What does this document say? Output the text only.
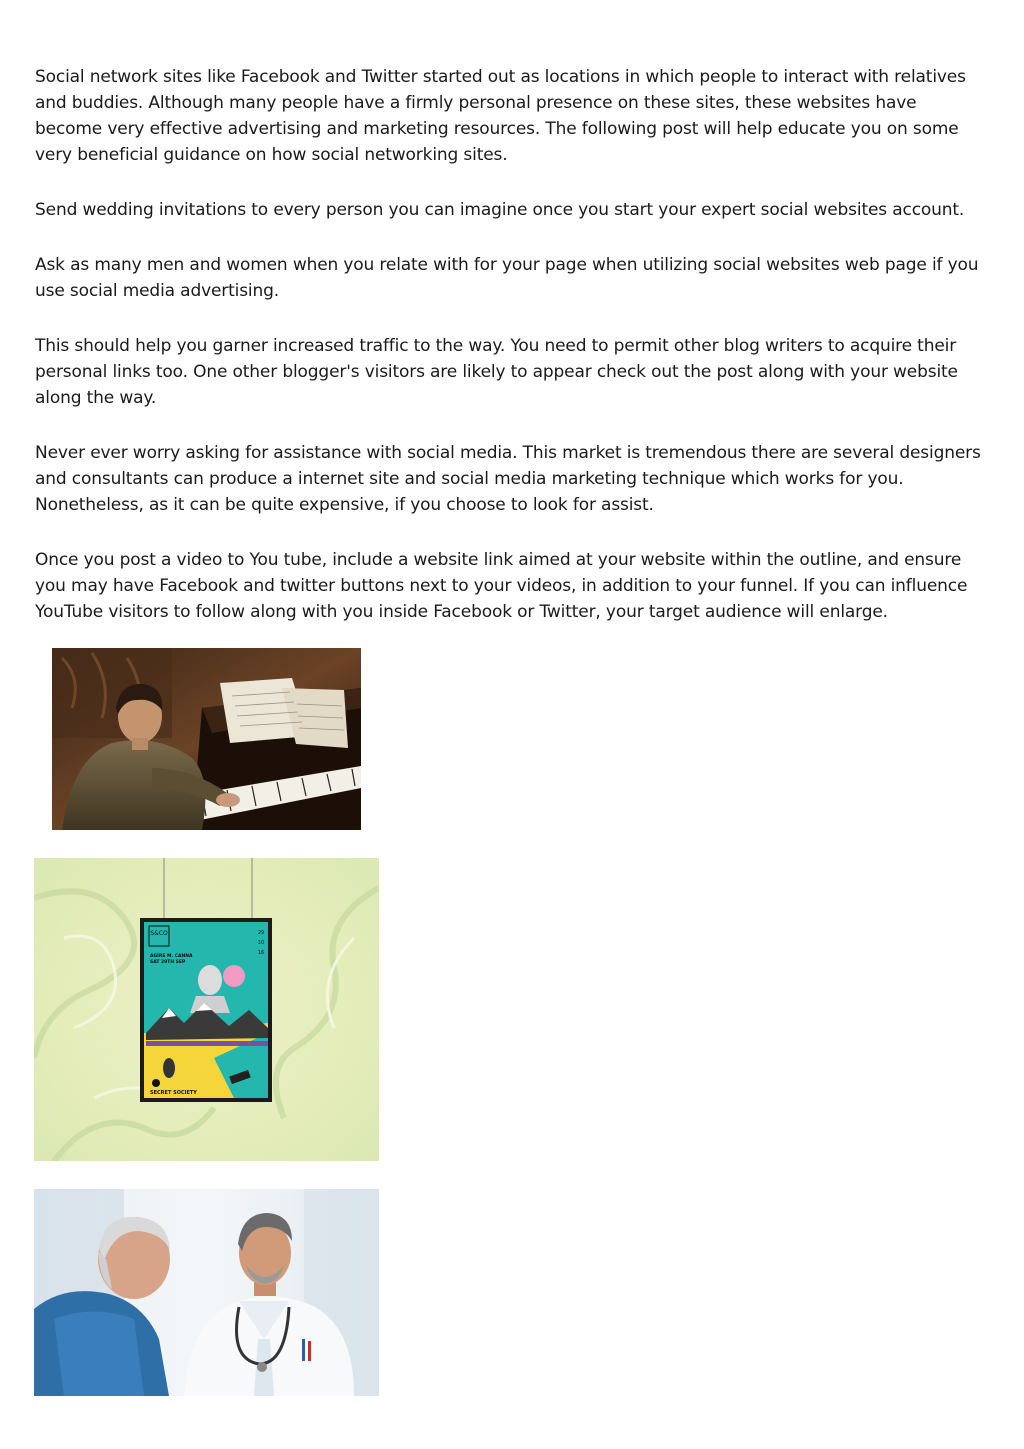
Social network sites like Facebook and Twitter started out as locations in which people to interact with relatives and buddies. Although many people have a firmly personal presence on these sites, these websites have become very effective advertising and marketing resources. The following post will help educate you on some very beneficial guidance on how social networking sites.

Send wedding invitations to every person you can imagine once you start your expert social websites account.

Ask as many men and women when you relate with for your page when utilizing social websites web page if you use social media advertising.

This should help you garner increased traffic to the way. You need to permit other blog writers to acquire their personal links too. One other blogger's visitors are likely to appear check out the post along with your website along the way.

Never ever worry asking for assistance with social media. This market is tremendous there are several designers and consultants can produce a internet site and social media marketing technique which works for you. Nonetheless, as it can be quite expensive, if you choose to look for assist.

Once you post a video to You tube, include a website link aimed at your website within the outline, and ensure you may have Facebook and twitter buttons next to your videos, in addition to your funnel. If you can influence YouTube visitors to follow along with you inside Facebook or Twitter, your target audience will enlarge.

S&CO	29
10
16
AGIRE M. CANNA
SAT 29TH SEP
SECRET SOCIETY
